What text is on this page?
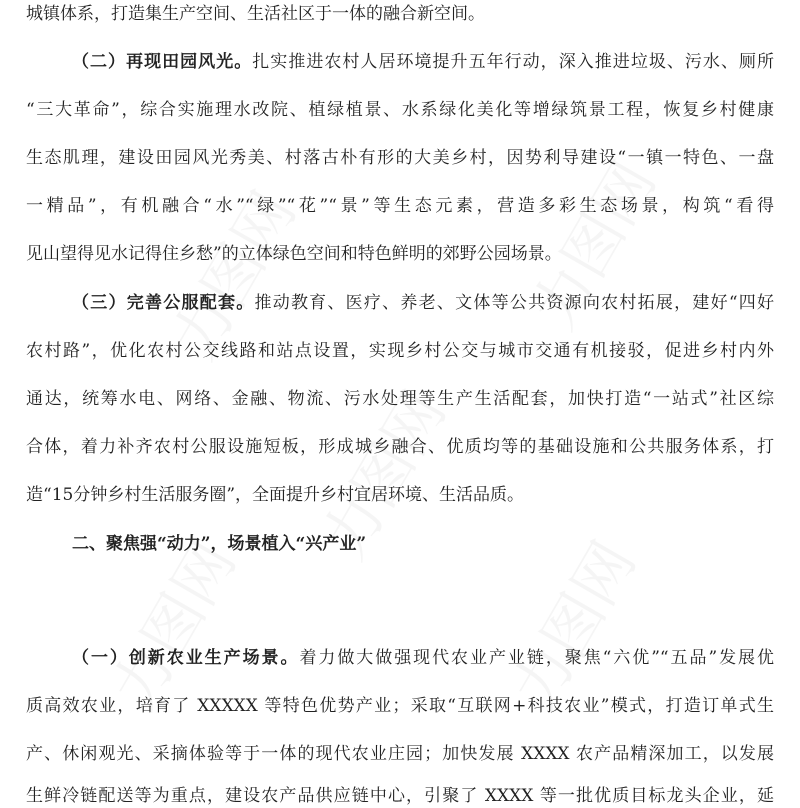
城镇体系，打造集生产空间、生活社区于一体的融合新空间。
（二）再现田园风光。扎实推进农村人居环境提升五年行动，深入推进垃圾、污水、厕所
“三大革命”，综合实施理水改院、植绿植景、水系绿化美化等增绿筑景工程，恢复乡村健康
生态肌理，建设田园风光秀美、村落古朴有形的大美乡村，因势利导建设“一镇一特色、一盘
一精品”，有机融合“水”“绿”“花”“景”等生态元素，营造多彩生态场景，构筑“看得
见山望得见水记得住乡愁”的立体绿色空间和特色鲜明的郊野公园场景。
（三）完善公服配套。推动教育、医疗、养老、文体等公共资源向农村拓展，建好“四好
农村路”，优化农村公交线路和站点设置，实现乡村公交与城市交通有机接驳，促进乡村内外
通达，统筹水电、网络、金融、物流、污水处理等生产生活配套，加快打造“一站式”社区综
合体，着力补齐农村公服设施短板，形成城乡融合、优质均等的基础设施和公共服务体系，打
造“15分钟乡村生活服务圈”，全面提升乡村宜居环境、生活品质。
二、聚焦强“动力”，场景植入“兴产业”
（一）创新农业生产场景。着力做大做强现代农业产业链，聚焦“六优”“五品”发展优
质高效农业，培育了 XXXXX 等特色优势产业；采取“互联网+科技农业”模式，打造订单式生
产、休闲观光、采摘体验等于一体的现代农业庄园；加快发展 XXXX 农产品精深加工，以发展
生鲜冷链配送等为重点，建设农产品供应链中心，引聚了 XXXX 等一批优质目标龙头企业，延
